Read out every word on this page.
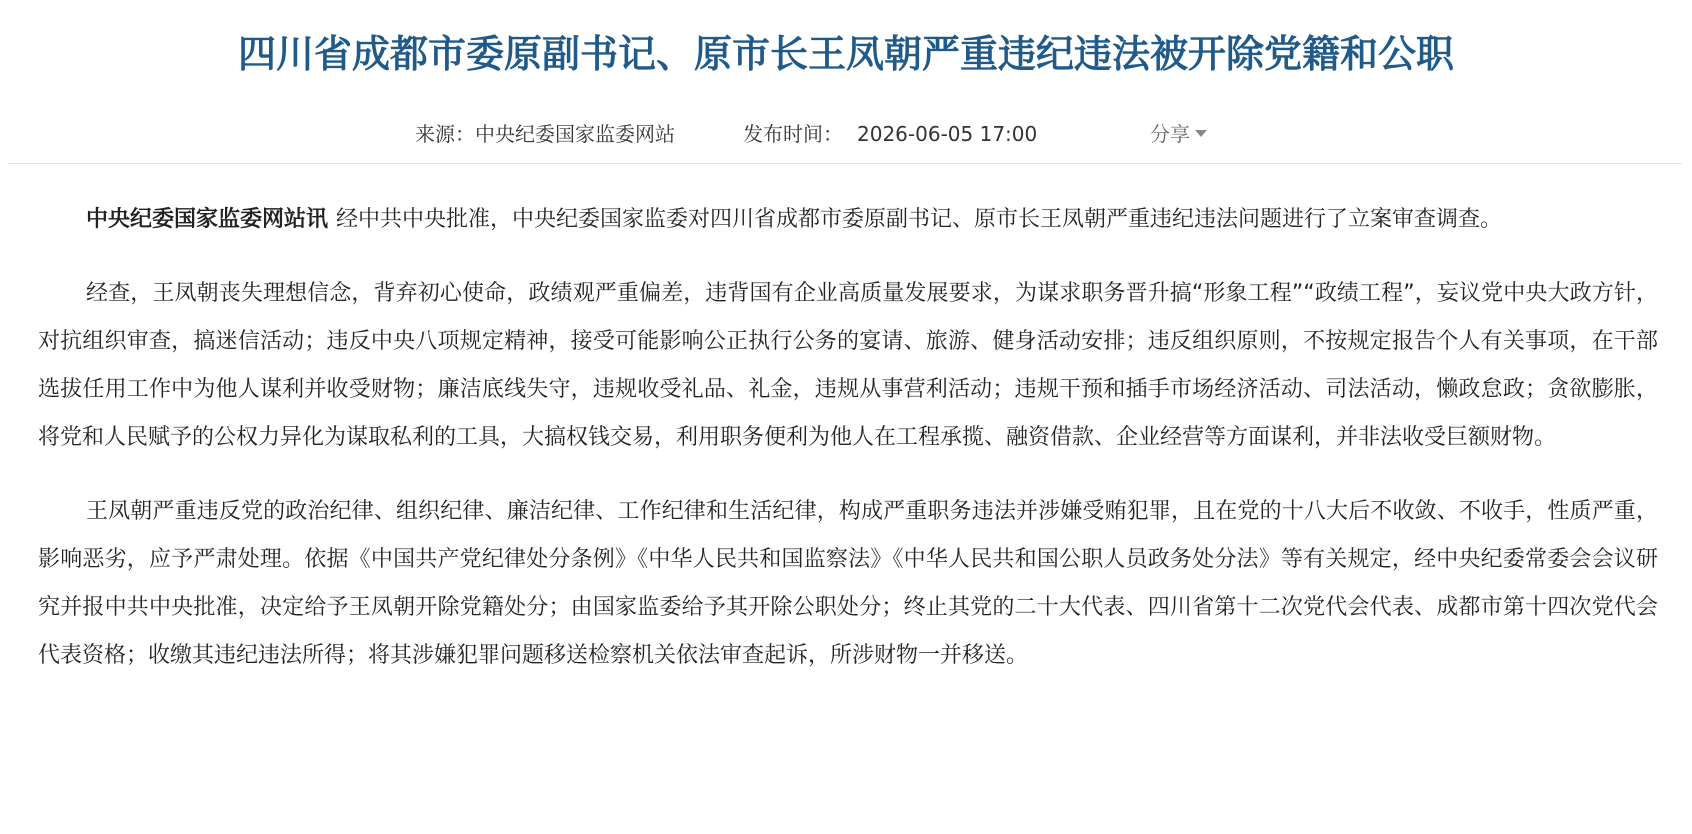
四川省成都市委原副书记、原市长王凤朝严重违纪违法被开除党籍和公职
来源：中央纪委国家监委网站	发布时间： 2026-06-05 17:00	分享

中央纪委国家监委网站讯 经中共中央批准，中央纪委国家监委对四川省成都市委原副书记、原市长王凤朝严重违纪违法问题进行了立案审查调查。

经查，王凤朝丧失理想信念，背弃初心使命，政绩观严重偏差，违背国有企业高质量发展要求，为谋求职务晋升搞“形象工程”“政绩工程”，妄议党中央大政方针，对抗组织审查，搞迷信活动；违反中央八项规定精神，接受可能影响公正执行公务的宴请、旅游、健身活动安排；违反组织原则，不按规定报告个人有关事项，在干部选拔任用工作中为他人谋利并收受财物；廉洁底线失守，违规收受礼品、礼金，违规从事营利活动；违规干预和插手市场经济活动、司法活动，懒政怠政；贪欲膨胀，将党和人民赋予的公权力异化为谋取私利的工具，大搞权钱交易，利用职务便利为他人在工程承揽、融资借款、企业经营等方面谋利，并非法收受巨额财物。

王凤朝严重违反党的政治纪律、组织纪律、廉洁纪律、工作纪律和生活纪律，构成严重职务违法并涉嫌受贿犯罪，且在党的十八大后不收敛、不收手，性质严重，影响恶劣，应予严肃处理。依据《中国共产党纪律处分条例》《中华人民共和国监察法》《中华人民共和国公职人员政务处分法》等有关规定，经中央纪委常委会会议研究并报中共中央批准，决定给予王凤朝开除党籍处分；由国家监委给予其开除公职处分；终止其党的二十大代表、四川省第十二次党代会代表、成都市第十四次党代会代表资格；收缴其违纪违法所得；将其涉嫌犯罪问题移送检察机关依法审查起诉，所涉财物一并移送。
